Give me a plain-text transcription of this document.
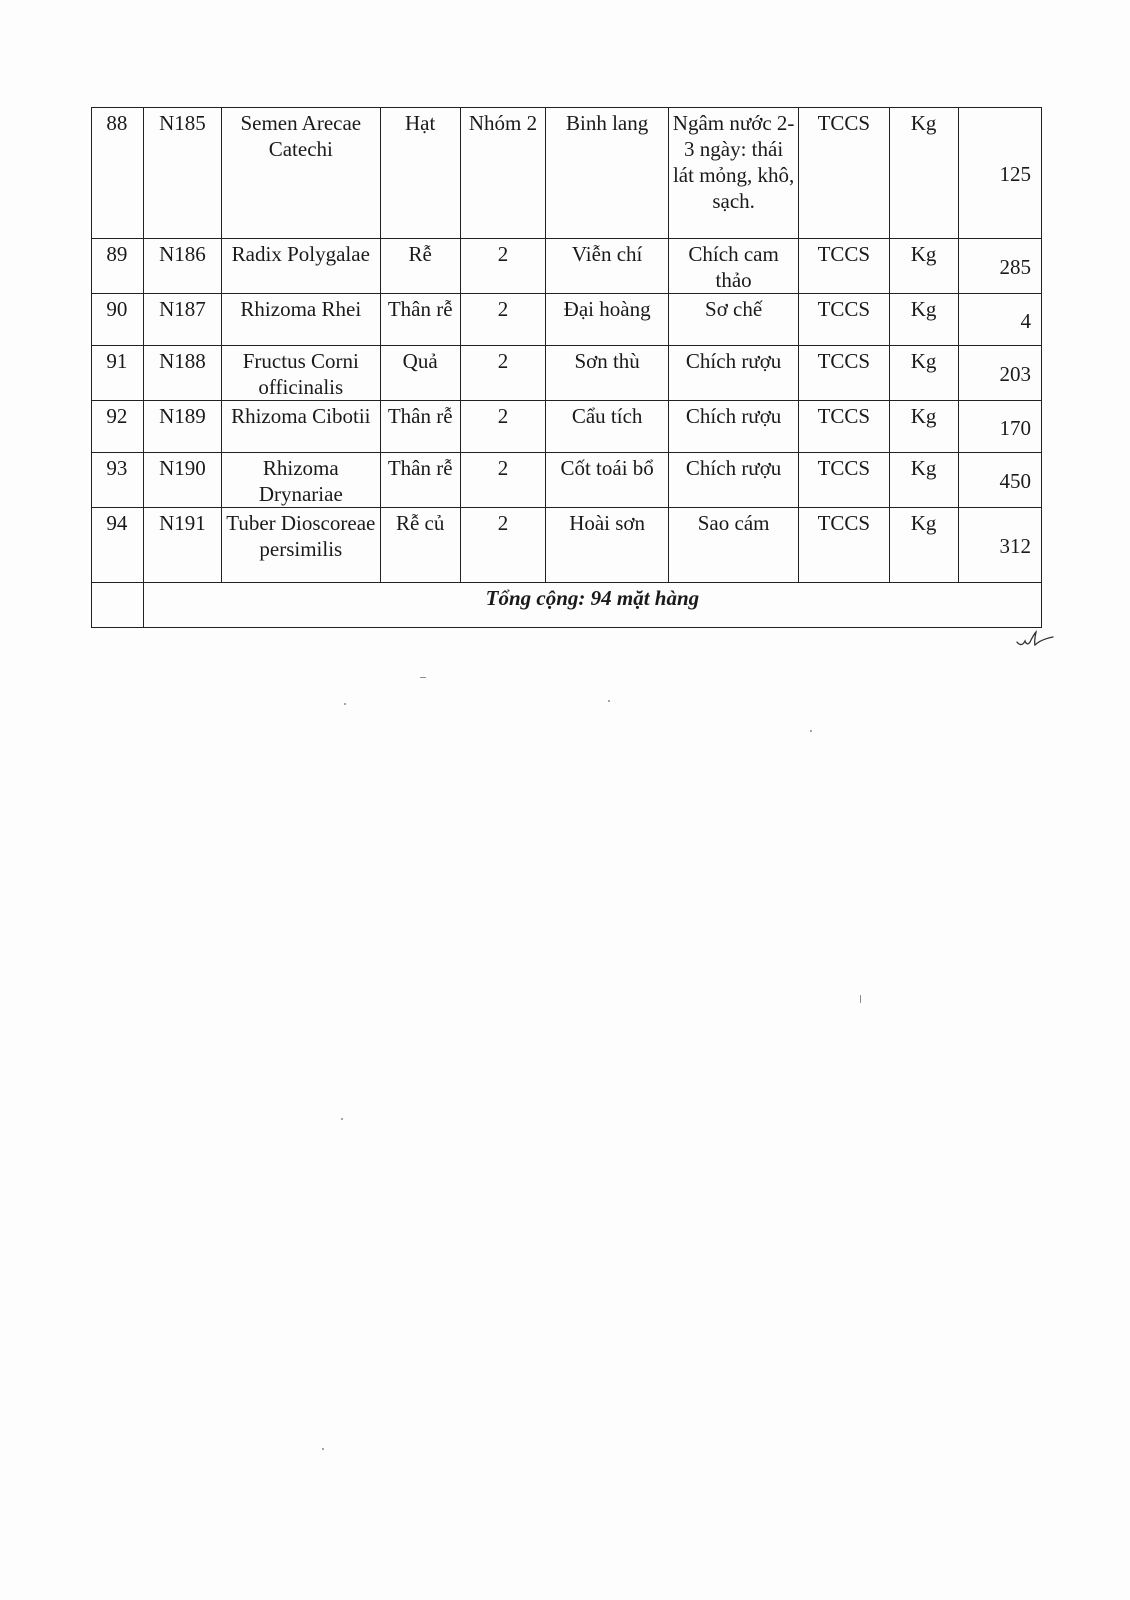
88	N185	Semen Arecae Catechi	Hạt	Nhóm 2	Binh lang	Ngâm nước 2-3 ngày: thái lát mỏng, khô, sạch.	TCCS	Kg	125
89	N186	Radix Polygalae	Rễ	2	Viễn chí	Chích cam thảo	TCCS	Kg	285
90	N187	Rhizoma Rhei	Thân rễ	2	Đại hoàng	Sơ chế	TCCS	Kg	4
91	N188	Fructus Corni officinalis	Quả	2	Sơn thù	Chích rượu	TCCS	Kg	203
92	N189	Rhizoma Cibotii	Thân rễ	2	Cẩu tích	Chích rượu	TCCS	Kg	170
93	N190	Rhizoma Drynariae	Thân rễ	2	Cốt toái bổ	Chích rượu	TCCS	Kg	450
94	N191	Tuber Dioscoreae persimilis	Rễ củ	2	Hoài sơn	Sao cám	TCCS	Kg	312
	Tổng cộng: 94 mặt hàng								
